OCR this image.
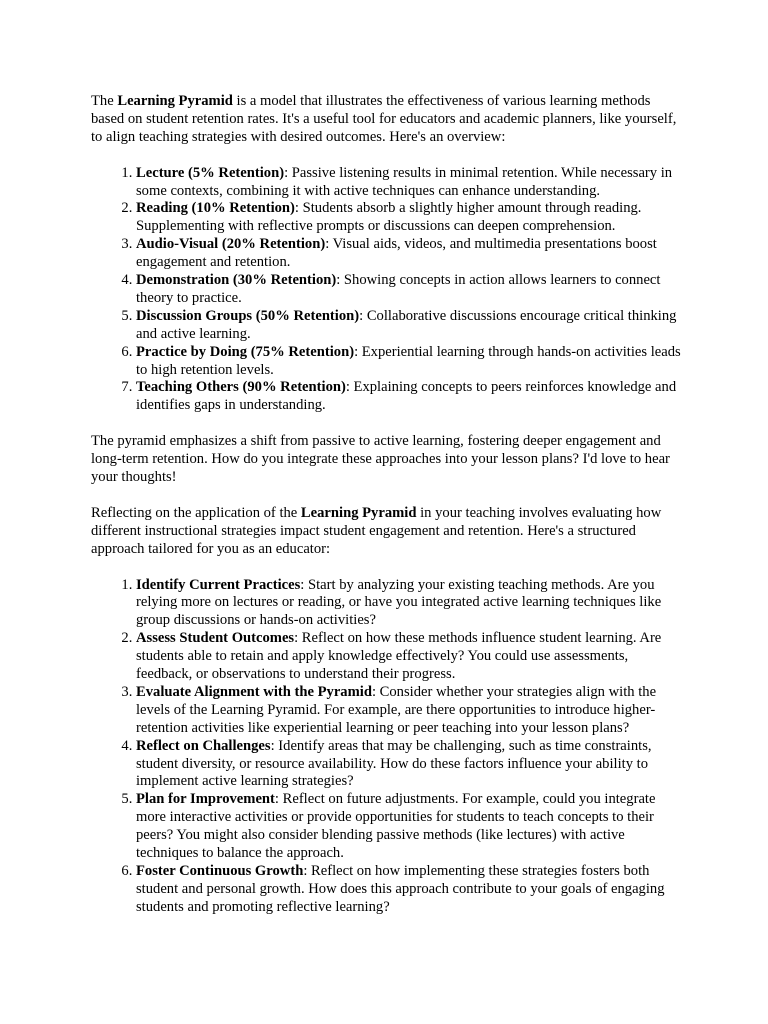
The Learning Pyramid is a model that illustrates the effectiveness of various learning methods based on student retention rates. It's a useful tool for educators and academic planners, like yourself, to align teaching strategies with desired outcomes. Here's an overview:

1. Lecture (5% Retention): Passive listening results in minimal retention. While necessary in some contexts, combining it with active techniques can enhance understanding.
2. Reading (10% Retention): Students absorb a slightly higher amount through reading. Supplementing with reflective prompts or discussions can deepen comprehension.
3. Audio-Visual (20% Retention): Visual aids, videos, and multimedia presentations boost engagement and retention.
4. Demonstration (30% Retention): Showing concepts in action allows learners to connect theory to practice.
5. Discussion Groups (50% Retention): Collaborative discussions encourage critical thinking and active learning.
6. Practice by Doing (75% Retention): Experiential learning through hands-on activities leads to high retention levels.
7. Teaching Others (90% Retention): Explaining concepts to peers reinforces knowledge and identifies gaps in understanding.

The pyramid emphasizes a shift from passive to active learning, fostering deeper engagement and long-term retention. How do you integrate these approaches into your lesson plans? I'd love to hear your thoughts!

Reflecting on the application of the Learning Pyramid in your teaching involves evaluating how different instructional strategies impact student engagement and retention. Here's a structured approach tailored for you as an educator:

1. Identify Current Practices: Start by analyzing your existing teaching methods. Are you relying more on lectures or reading, or have you integrated active learning techniques like group discussions or hands-on activities?
2. Assess Student Outcomes: Reflect on how these methods influence student learning. Are students able to retain and apply knowledge effectively? You could use assessments, feedback, or observations to understand their progress.
3. Evaluate Alignment with the Pyramid: Consider whether your strategies align with the levels of the Learning Pyramid. For example, are there opportunities to introduce higher-retention activities like experiential learning or peer teaching into your lesson plans?
4. Reflect on Challenges: Identify areas that may be challenging, such as time constraints, student diversity, or resource availability. How do these factors influence your ability to implement active learning strategies?
5. Plan for Improvement: Reflect on future adjustments. For example, could you integrate more interactive activities or provide opportunities for students to teach concepts to their peers? You might also consider blending passive methods (like lectures) with active techniques to balance the approach.
6. Foster Continuous Growth: Reflect on how implementing these strategies fosters both student and personal growth. How does this approach contribute to your goals of engaging students and promoting reflective learning?
